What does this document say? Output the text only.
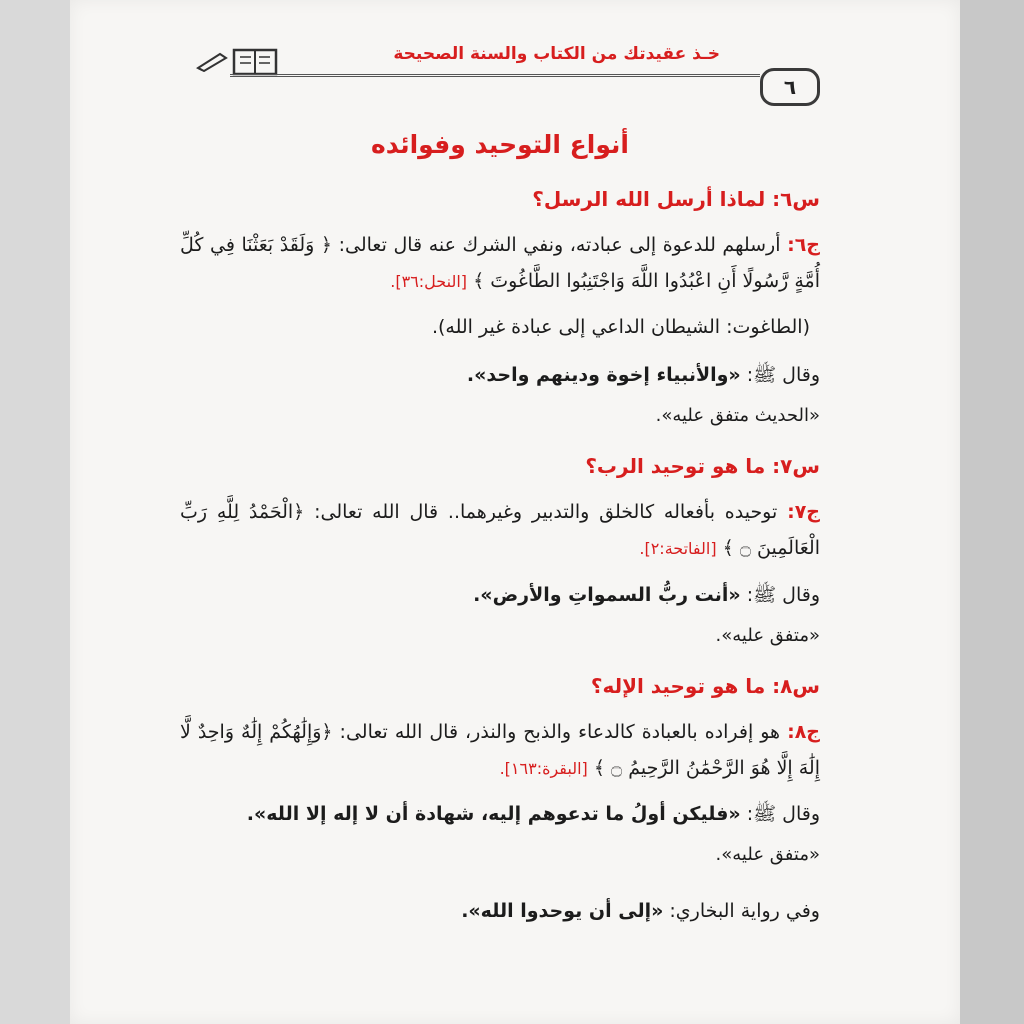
خـذ عقيدتك من الكتاب والسنة الصحيحة
٦
أنواع التوحيد وفوائده
س٦: لماذا أرسل الله الرسل؟
ج٦: أرسلهم للدعوة إلى عبادته، ونفي الشرك عنه قال تعالى: ﴿ وَلَقَدْ بَعَثْنَا فِي كُلِّ أُمَّةٍ رَّسُولًا أَنِ اعْبُدُوا اللَّهَ وَاجْتَنِبُوا الطَّاغُوتَ ﴾ [النحل:٣٦].
(الطاغوت: الشيطان الداعي إلى عبادة غير الله).
وقال ﷺ: «والأنبياء إخوة ودينهم واحد».
«الحديث متفق عليه».
س٧: ما هو توحيد الرب؟
ج٧: توحيده بأفعاله كالخلق والتدبير وغيرهما.. قال الله تعالى: ﴿الْحَمْدُ لِلَّهِ رَبِّ الْعَالَمِينَ ۝ ﴾ [الفاتحة:٢].
وقال ﷺ: «أنت ربُّ السمواتِ والأرض».
«متفق عليه».
س٨: ما هو توحيد الإله؟
ج٨: هو إفراده بالعبادة كالدعاء والذبح والنذر، قال الله تعالى: ﴿وَإِلَٰهُكُمْ إِلَٰهٌ وَاحِدٌ لَّا إِلَٰهَ إِلَّا هُوَ الرَّحْمَٰنُ الرَّحِيمُ ۝ ﴾ [البقرة:١٦٣].
وقال ﷺ: «فليكن أولُ ما تدعوهم إليه، شهادة أن لا إله إلا الله».
«متفق عليه».
وفي رواية البخاري: «إلى أن يوحدوا الله».
